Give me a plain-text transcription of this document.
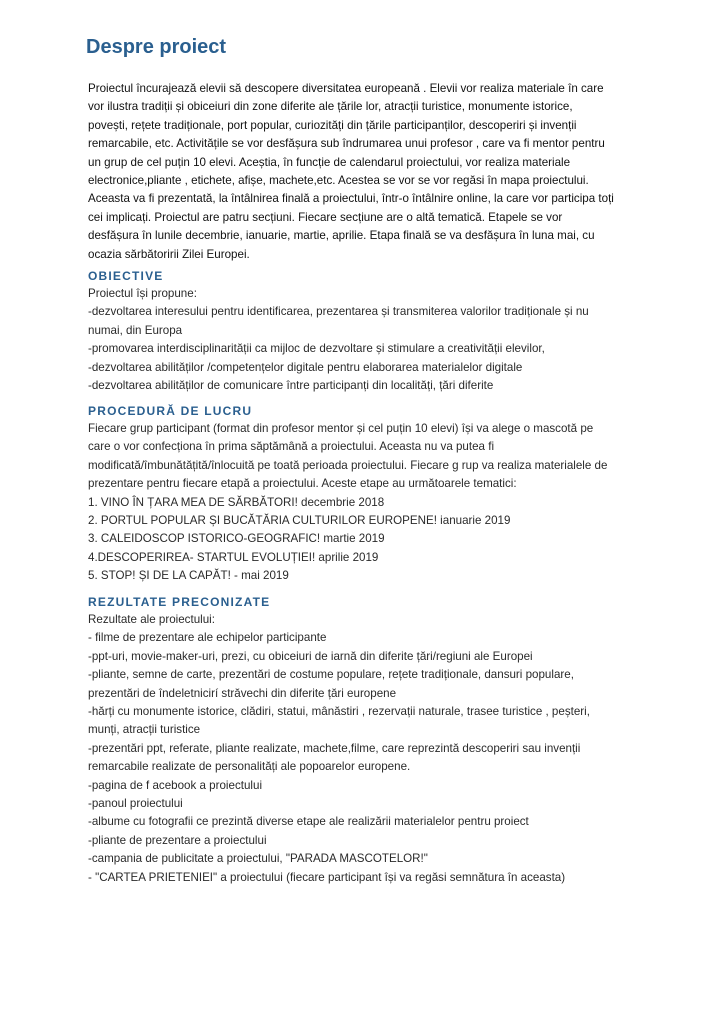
Despre proiect

Proiectul încurajează elevii să descopere diversitatea europeană . Elevii vor realiza materiale în care
vor ilustra tradiții și obiceiuri din zone diferite ale țările lor, atracții turistice, monumente istorice,
povești, rețete tradiționale, port popular, curiozități din țările participanților, descoperiri și invenții
remarcabile, etc. Activitățile se vor desfășura sub îndrumarea unui profesor , care va fi mentor pentru
un grup de cel puțin 10 elevi. Aceștia, în funcție de calendarul proiectului, vor realiza materiale
electronice,pliante , etichete, afișe, machete,etc. Acestea se vor se vor regăsi în mapa proiectului.
Aceasta va fi prezentată, la întâlnirea finală a proiectului, într-o întâlnire online, la care vor participa toți
cei implicați. Proiectul are patru secțiuni. Fiecare secțiune are o altă tematică. Etapele se vor
desfășura în lunile decembrie, ianuarie, martie, aprilie. Etapa finală se va desfășura în luna mai, cu
ocazia sărbătoririi Zilei Europei.

OBIECTIVE
Proiectul își propune:
-dezvoltarea interesului pentru identificarea, prezentarea și transmiterea valorilor tradiționale și nu
numai, din Europa
-promovarea interdisciplinarității ca mijloc de dezvoltare și stimulare a creativității elevilor,
-dezvoltarea abilităților /competențelor digitale pentru elaborarea materialelor digitale
-dezvoltarea abilităților de comunicare între participanți din localități, țări diferite
PROCEDURĂ DE LUCRU
Fiecare grup participant (format din profesor mentor și cel puțin 10 elevi) își va alege o mascotă pe
care o vor confecționa în prima săptămână a proiectului. Aceasta nu va putea fi
modificată/îmbunătățită/înlocuită pe toată perioada proiectului. Fiecare g rup va realiza materialele de
prezentare pentru fiecare etapă a proiectului. Aceste etape au următoarele tematici:
1. VINO ÎN ȚARA MEA DE SĂRBĂTORI! decembrie 2018
2. PORTUL POPULAR ȘI BUCĂTĂRIA CULTURILOR EUROPENE! ianuarie 2019
3. CALEIDOSCOP ISTORICO-GEOGRAFIC! martie 2019
4.DESCOPERIREA- STARTUL EVOLUȚIEI! aprilie 2019
5. STOP! ȘI DE LA CAPĂT! - mai 2019
REZULTATE PRECONIZATE
Rezultate ale proiectului:
- filme de prezentare ale echipelor participante
-ppt-uri, movie-maker-uri, prezi, cu obiceiuri de iarnă din diferite țări/regiuni ale Europei
-pliante, semne de carte, prezentări de costume populare, rețete tradiționale, dansuri populare,
prezentări de îndeletnicirí străvechi din diferite țări europene
-hărți cu monumente istorice, clădiri, statui, mânăstiri , rezervații naturale, trasee turistice , peșteri,
munți, atracții turistice
-prezentări ppt, referate, pliante realizate, machete,filme, care reprezintă descoperiri sau invenții
remarcabile realizate de personalități ale popoarelor europene.
-pagina de f acebook a proiectului
-panoul proiectului
-albume cu fotografii ce prezintă diverse etape ale realizării materialelor pentru proiect
-pliante de prezentare a proiectului
-campania de publicitate a proiectului, "PARADA MASCOTELOR!"
- "CARTEA PRIETENIEI" a proiectului (fiecare participant își va regăsi semnătura în aceasta)
